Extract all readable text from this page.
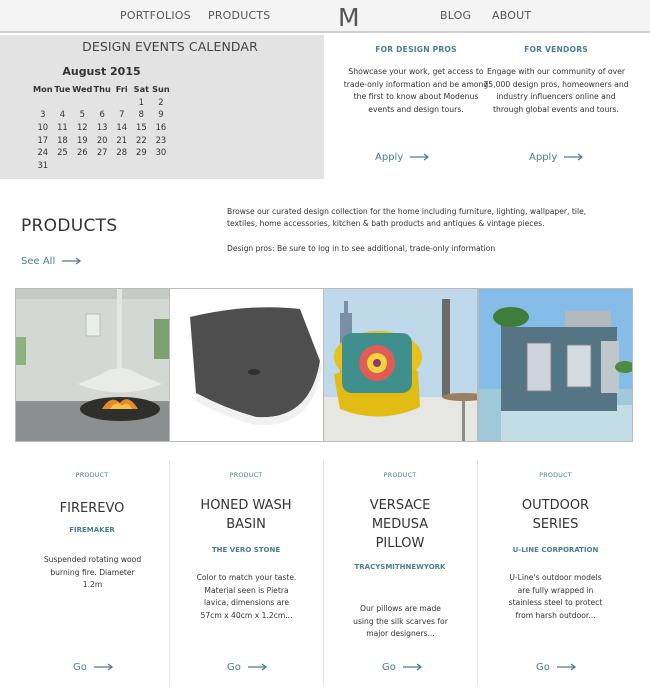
PORTFOLIOS PRODUCTS	M	BLOG ABOUT
DESIGN EVENTS CALENDAR
August 2015
Mon	Tue	Wed	Thu	Fri	Sat	Sun
					1	2
3	4	5	6	7	8	9
10	11	12	13	14	15	16
17	18	19	20	21	22	23
24	25	26	27	28	29	30
31						
FOR DESIGN PROS
Showcase your work, get access to trade-only information and be among the first to know about Modenus events and design tours.
Apply
FOR VENDORS
Engage with our community of over 75,000 design pros, homeowners and industry influencers online and through global events and tours.
Apply
PRODUCTS
See All

Browse our curated design collection for the home including furniture, lighting, wallpaper, tile, textiles, home accessories, kitchen & bath products and antiques & vintage pieces.

Design pros: Be sure to log in to see additional, trade-only information

PRODUCT
FIREREVO
FIREMAKER
Suspended rotating wood burning fire. Diameter 1.2m
PRODUCT
HONED WASH BASIN
THE VERO STONE
Color to match your taste. Material seen is Pietra lavica, dimensions are 57cm x 40cm x 1.2cm...
PRODUCT
VERSACE MEDUSA PILLOW
TRACYSMITHNEWYORK
Our pillows are made using the silk scarves for major designers...
PRODUCT
OUTDOOR SERIES
U-LINE CORPORATION
U-Line's outdoor models are fully wrapped in stainless steel to protect from harsh outdoor...
Go	Go	Go	Go
